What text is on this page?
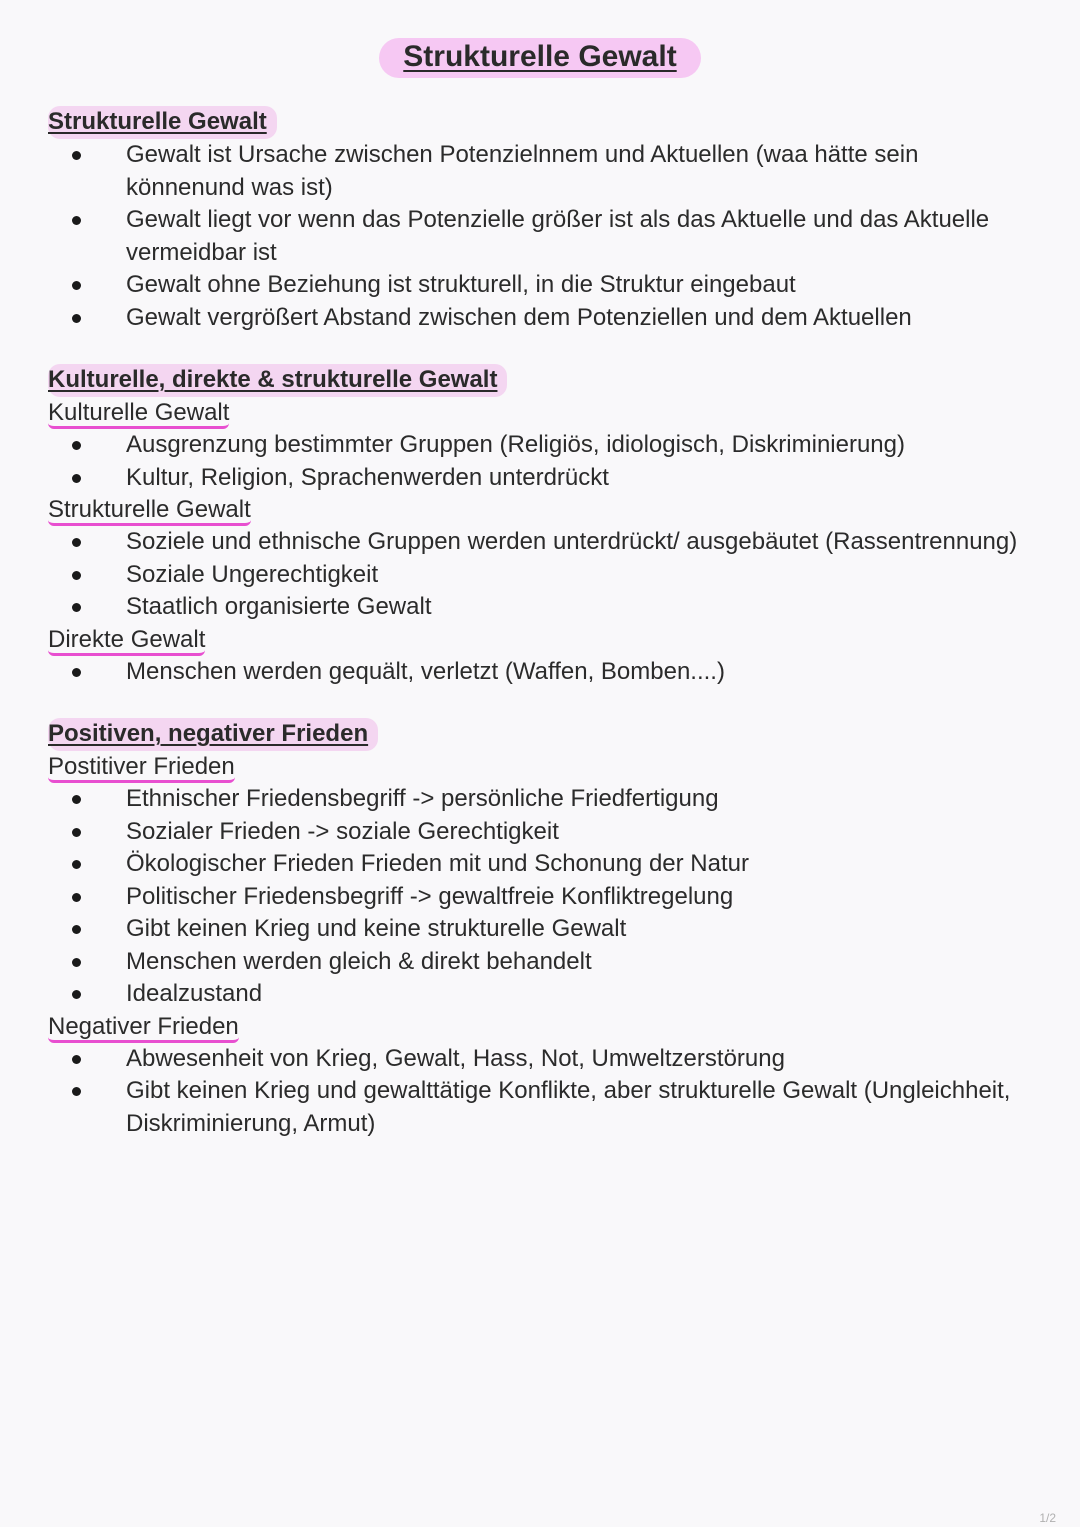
Strukturelle Gewalt
Strukturelle Gewalt
Gewalt ist Ursache zwischen Potenzielnnem und Aktuellen (waa hätte sein könnenund was ist)
Gewalt liegt vor wenn das Potenzielle größer ist als das Aktuelle und das Aktuelle vermeidbar ist
Gewalt ohne Beziehung ist strukturell, in die Struktur eingebaut
Gewalt vergrößert Abstand zwischen dem Potenziellen und dem Aktuellen
Kulturelle, direkte & strukturelle Gewalt
Kulturelle Gewalt
Ausgrenzung bestimmter Gruppen (Religiös, idiologisch, Diskriminierung)
Kultur, Religion, Sprachenwerden unterdrückt
Strukturelle Gewalt
Soziele und ethnische Gruppen werden unterdrückt/ ausgebäutet (Rassentrennung)
Soziale Ungerechtigkeit
Staatlich organisierte Gewalt
Direkte Gewalt
Menschen werden gequält, verletzt (Waffen, Bomben....)
Positiven, negativer Frieden
Postitiver Frieden
Ethnischer Friedensbegriff -> persönliche Friedfertigung
Sozialer Frieden -> soziale Gerechtigkeit
Ökologischer Frieden Frieden mit und Schonung der Natur
Politischer Friedensbegriff -> gewaltfreie Konfliktregelung
Gibt keinen Krieg und keine strukturelle Gewalt
Menschen werden gleich & direkt behandelt
Idealzustand
Negativer Frieden
Abwesenheit von Krieg, Gewalt, Hass, Not, Umweltzerstörung
Gibt keinen Krieg und gewalttätige Konflikte, aber strukturelle Gewalt (Ungleichheit, Diskriminierung, Armut)
1/2
